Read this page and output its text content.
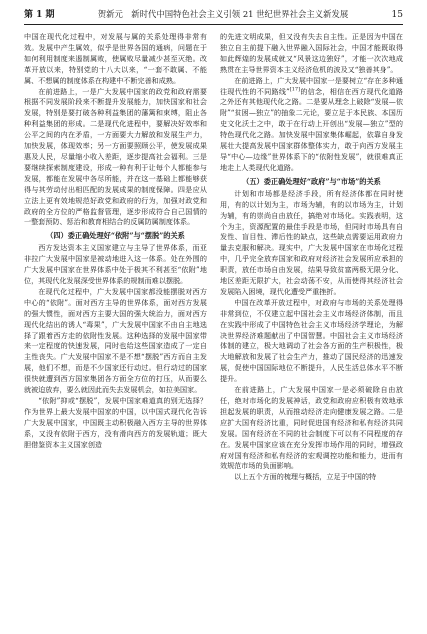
第 1 期	贺新元　新时代中国特色社会主义引领 21 世纪世界社会主义新发展	15

中国在现代化过程中，对发展与属的关系处理得非常有效。发展中产生属效，似乎是世界各国的通病，问题在于如何利用制度来遏制属败，使属败尽量减少甚至灭绝。改革开放以来，特别党的十八大以来，“一套不敢属、不能属、不想属的制度体系在构建中不断完善和成熟。

在前进路上，一是广大发展中国家的政党和政府需要根据不同发展阶段来不断提升发展能力，加快国家和社会发展，特别是要打破各种利益集团的藩篱和束缚，阻止各种利益集团的形成。二是现代化进程中，要解决好效率和公平之间的内在矛盾，一方面要大力解放和发展生产力，加快发展，体现效率；另一方面要照顾公平，使发展成果惠及人民，尽量缩小收入差距，逐步提高社会福利。三是要继续探索制度建设，形成一种有利于让每个人都能参与发展，都能在发展中各尽所能，并在这一基础上都能够获得与其劳动付出相匹配的发展成果的制度保障。四是应从立法上更有效地规范好政党和政府的行为，加强对政党和政府的全方位的严格监督管理，逐步形成符合自己国情的一整套预防、惩治和教育相结合的反属防属制度体系。

（四）委正确处理好“依附”与“摆脱”的关系

西方发达资本主义国家建立与主导了世界体系，而亚非拉广大发展中国家是被动地进入这一体系。处在外围的广大发展中国家在世界体系中处于极其不利甚至“依附”地位，其现代化发展深受世界体系的规制而难以摆脱。

在现代化过程中，广大发展中国家都没能摆脱对西方中心的“依附”。面对西方主导的世界体系，面对西方发展的强大惯性，面对西方主要大国的强大统治力，面对西方现代化结出的诱人“毒果”，广大发展中国家不由自主地选择了跟着西方走的依附性发展。这种选择的发展中国家带来一定程度的快速发展，同时也给这些国家造成了一定自主性丧失。广大发展中国家不是不想“摆脱”西方而自主发展，他们不想，而是不少国家还行动过。但行动过的国家很快就遭到西方国家集团各方面全方位的打压，从而要么就被迫放弃，要么就因此而失去发展机会，如拉美国家。

“依附”抑或“摆脱”，发展中国家难道真的别无选择？作为世界上最大发展中国家的中国，以中国式现代化告诉广大发展中国家，中国既主动积极融入西方主导的世界体系，又没有依附于西方，没有滑向西方的发展轨道；既大胆借鉴资本主义国家创造

的先进文明成果，但又没有失去自主性。正是因为中国在独立自主前提下融入世界融入国际社会，中国才能既取得如此辉煌的发展成就又“风景这边独好”，才能一次次地成熟贯在主导世界资本主义经济危机的波及又“独善其身”。

在前进路上，广大发展中国家一是要树立“存在多种通往现代性的不同路线”[17]的信念，相信在西方现代化道路之外还有其他现代化之路。二是要从理念上破除“发展—依附”“贫困—独立”的抽象二元论，要立足于本民族、本国历史文化沃土之中，敢于在行动上开创出“发展—独立”型的特色现代化之路。加快发展中国家集体崛起，依靠自身发展壮大提高发展中国家群体整体实力，敢于向西方发展主导“中心—边缘”世界体系下的“依附性发展”，就很难真正地走上人类现代化道路。

（五）委正确处理好“政府”与“市场”的关系

计划和市场都是经济手段，所有经济体都在同时使用，有的以计划为主，市场为辅，有的以市场为主，计划为辅，有的崇尚自由放任，搞绝对市场化。实践表明，这个为主，资源配置的最佳手段是市场，但同时市场具有自发性、盲目性、滞后性的缺点，这些缺点需要运用政府力量去克服和解决。现实中，广大发展中国家在市场化过程中，几乎完全放弃国家和政府对经济社会发展所应承担的职责，放任市场自由发展，结果导致贫富两极无限分化、地区差距无限扩大，社会动荡不安，从而使得其经济社会发展陷入困境，现代化遭受严重挫折。

中国在改革开放过程中，对政府与市场的关系处理得非常到位，不仅建立起中国社会主义市场经济体制，而且在实践中形成了中国特色社会主义市场经济学理论，为解决世界经济难题献出了中国智慧。中国社会主义市场经济体制的建立，极大地调动了社会各方面的生产积极性，极大地解放和发展了社会生产力，推动了国民经济的迅速发展，促使中国国际地位不断提升，人民生活总体水平不断提升。

在前进路上，广大发展中国家一是必须破除自由放任，绝对市场化的发展神话，政党和政府应积极有效地承担起发展的职责，从而推动经济走向健康发展之路。二是应扩大国有经济比重，同时促进国有经济和私有经济共同发展。国有经济在不同的社会制度下可以有不同程度的存在。发展中国家应该在充分发挥市场作用的同时，增强政府对国有经济和私有经济的宏观调控功能和能力，进而有效规范市场的负面影响。

以上五个方面的梳理与概括，立足于中国的特
